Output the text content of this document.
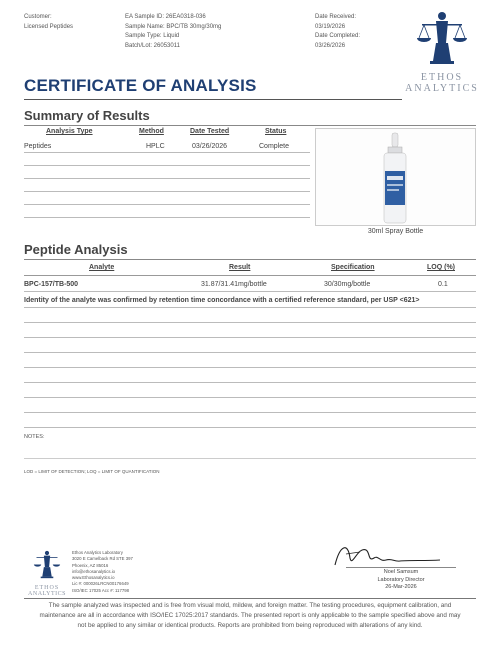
Customer:
Licensed Peptides
EA Sample ID: 26EA0318-036
Sample Name: BPC/TB 30mg/30mg
Sample Type: Liquid
Batch/Lot: 26053011
Date Received:
03/19/2026
Date Completed:
03/26/2026
ETHOS
ANALYTICS
CERTIFICATE OF ANALYSIS
Summary of Results
Analysis Type	Method	Date Tested	Status
Peptides	HPLC	03/26/2026	Complete
30ml Spray Bottle
Peptide Analysis
Analyte	Result	Specification	LOQ (%)
BPC-157/TB-500	31.87/31.41mg/bottle	30/30mg/bottle	0.1
Identity of the analyte was confirmed by retention time concordance with a certified reference standard, per USP <621>
NOTES:
LOD = LIMIT OF DETECTION; LOQ = LIMIT OF QUANTIFICATION
ETHOS
ANALYTICS
Ethos Analytics Laboratory
3020 E Camelback Rd STE 397
Phoenix, AZ 85016
info@ethosanalytics.io
www.Ethosanalytics.io
Lic #: 000026LRCN00176649
ISO/IEC 17025 Acc #: 117798
Noel Samsum
Laboratory Director
26-Mar-2026
The sample analyzed was inspected and is free from visual mold, mildew, and foreign matter. The testing procedures, equipment calibration, and
maintenance are all in accordance with ISO/IEC 17025:2017 standards. The presented report is only applicable to the sample specified above and may
not be applied to any similar or identical products. Reports are prohibited from being reproduced with alterations of any kind.
